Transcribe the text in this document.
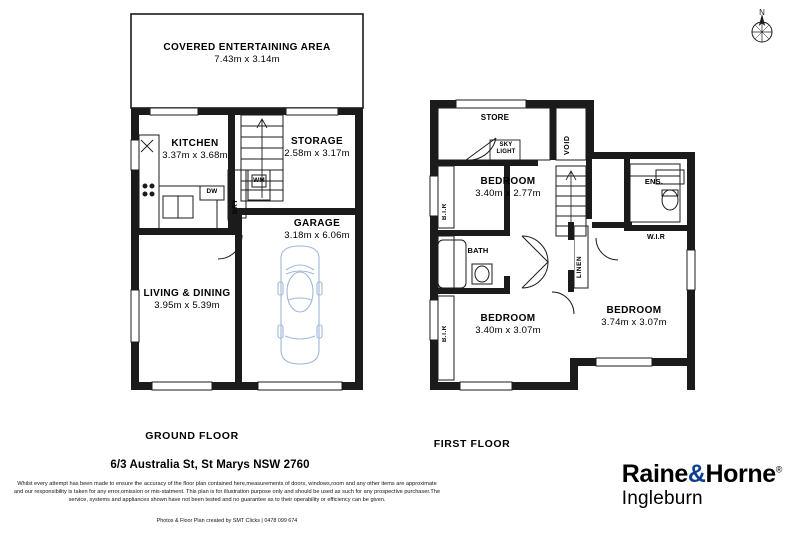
N
COVERED ENTERTAINING AREA
7.43m x 3.14m
KITCHEN
3.37m x 3.68m
STORAGE
2.58m x 3.17m
GARAGE
3.18m x 6.06m
LIVING & DINING
3.95m x 5.39m
DW
WM
DRY
STORE
VOID
SKY
LIGHT
BEDROOM
3.40m x 2.77m
BEDROOM
3.40m x 3.07m
BEDROOM
3.74m x 3.07m
ENS.
B.I.R
B.I.R
BATH
LINEN
W.I.R
GROUND FLOOR
FIRST FLOOR
6/3 Australia St, St Marys NSW 2760
Whilst every attempt has been made to ensure the accuracy of the floor plan contained here,measurements of doors, windows,room and any other items are approximate and our responsibility is taken for any error,omission or mis-statment. This plan is for illustration purpose only and should be used as such for any prospective purchaser.The service, systems and appliances shown have not been tested and no guarantee as to their operability or efficiency can be given.
Photos & Floor Plan created by SMT Clicks | 0478 099 674
Raine&Horne®
Ingleburn
